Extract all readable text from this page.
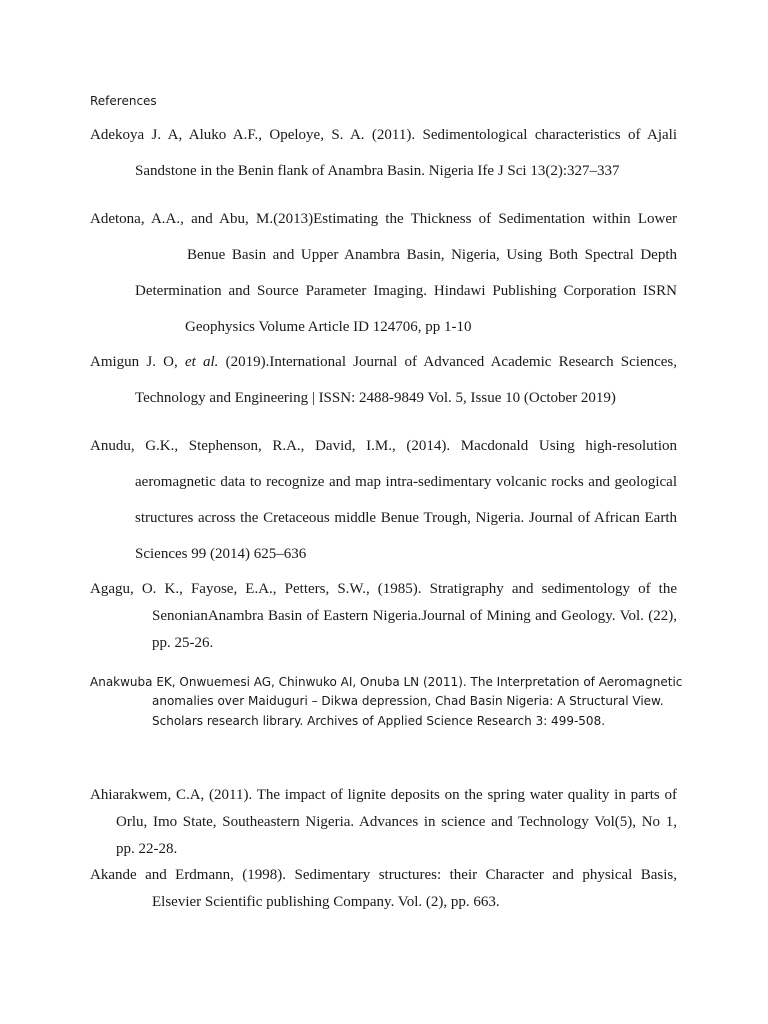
References
Adekoya J. A, Aluko A.F., Opeloye, S. A. (2011). Sedimentological characteristics of Ajali
Sandstone in the Benin flank of Anambra Basin. Nigeria Ife J Sci 13(2):327–337
Adetona, A.A., and Abu, M.(2013)Estimating the Thickness of Sedimentation within Lower
Benue Basin and Upper Anambra Basin, Nigeria, Using Both Spectral Depth
Determination and Source Parameter Imaging. Hindawi Publishing Corporation ISRN
Geophysics Volume Article ID 124706, pp 1-10
Amigun J. O, et al. (2019).International Journal of Advanced Academic Research Sciences,
Technology and Engineering | ISSN: 2488-9849 Vol. 5, Issue 10 (October 2019)
Anudu, G.K., Stephenson, R.A., David, I.M., (2014). Macdonald Using high-resolution
aeromagnetic data to recognize and map intra-sedimentary volcanic rocks and geological
structures across the Cretaceous middle Benue Trough, Nigeria. Journal of African Earth
Sciences 99 (2014) 625–636
Agagu, O. K., Fayose, E.A., Petters, S.W., (1985). Stratigraphy and sedimentology of the
SenonianAnambra Basin of Eastern Nigeria.Journal of Mining and Geology. Vol. (22),
pp. 25-26.
Anakwuba EK, Onwuemesi AG, Chinwuko AI, Onuba LN (2011). The Interpretation of Aeromagnetic
anomalies over Maiduguri – Dikwa depression, Chad Basin Nigeria: A Structural View.
Scholars research library. Archives of Applied Science Research 3: 499-508.
Ahiarakwem, C.A, (2011). The impact of lignite deposits on the spring water quality in parts of
Orlu, Imo State, Southeastern Nigeria. Advances in science and Technology Vol(5), No 1,
pp. 22-28.
Akande and Erdmann, (1998). Sedimentary structures: their Character and physical Basis,
Elsevier Scientific publishing Company. Vol. (2), pp. 663.
